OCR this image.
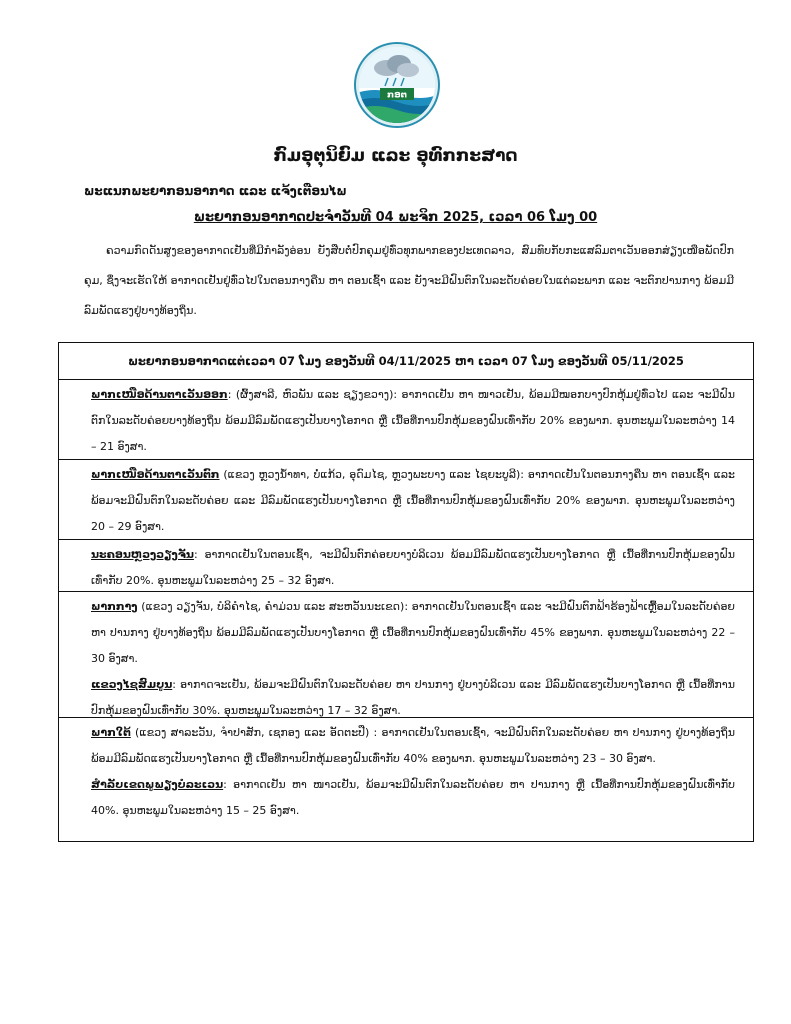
ກອຕ
ກົມອຸຕຸນິຍົມ ແລະ ອຸທົກກະສາດ
ພະແນກພະຍາກອນອາກາດ ແລະ ແຈ້ງເຕືອນໄພ
ພະຍາກອນອາກາດປະຈໍາວັນທີ 04 ພະຈິກ 2025, ເວລາ 06 ໂມງ 00
ຄວາມກົດດັນສູງຂອງອາກາດເຢັນທີ່ມີກໍາລັງອ່ອນ ຍັງສືບຕໍ່ປົກຄຸມຢູ່ທົ່ວທຸກພາກຂອງປະເທດລາວ, ສົມທົບກັບກະແສລົມຕາເວັນອອກສ່ຽງເໜືອພັດປົກຄຸມ, ຊຶ່ງຈະເຮັດໃຫ້ ອາກາດເຢັນຢູ່ທົ່ວໄປໃນຕອນກາງຄືນ ຫາ ຕອນເຊົ້າ ແລະ ຍັງຈະມີຝົນຕົກໃນລະດັບຄ່ອຍໃນແຕ່ລະພາກ ແລະ ຈະຕົກປານກາງ ພ້ອມມີລົມພັດແຮງຢູ່ບາງທ້ອງຖິ່ນ.
ພະຍາກອນອາກາດແຕ່ເວລາ 07 ໂມງ ຂອງວັນທີ 04/11/2025 ຫາ ເວລາ 07 ໂມງ ຂອງວັນທີ 05/11/2025
ພາກເໜືອດ້ານຕາເວັນອອກ: (ຜົ້ງສາລີ, ຫົວພັນ ແລະ ຊຽງຂວາງ): ອາກາດເຢັນ ຫາ ໜາວເຢັນ, ພ້ອມມີໝອກບາງປົກຫຸ້ມຢູ່ທົ່ວໄປ ແລະ ຈະມີຝົນຕົກໃນລະດັບຄ່ອຍບາງທ້ອງຖິ່ນ ພ້ອມມີລົມພັດແຮງເປັນບາງໂອກາດ ຫຼື ເນື້ອທີ່ການປົກຫຸ້ມຂອງຝົນເທົ່າກັບ 20% ຂອງພາກ. ອຸນຫະພູມໃນລະຫວ່າງ 14 – 21 ອົງສາ.
ພາກເໜືອດ້ານຕາເວັນຕົກ (ແຂວງ ຫຼວງນໍ້າທາ, ບໍ່ແກ້ວ, ອຸດົມໄຊ, ຫຼວງພະບາງ ແລະ ໄຊຍະບູລີ): ອາກາດເຢັນໃນຕອນກາງຄືນ ຫາ ຕອນເຊົ້າ ແລະ ພ້ອມຈະມີຝົນຕົກໃນລະດັບຄ່ອຍ ແລະ ມີລົມພັດແຮງເປັນບາງໂອກາດ ຫຼື ເນື້ອທີ່ການປົກຫຸ້ມຂອງຝົນເທົ່າກັບ 20% ຂອງພາກ. ອຸນຫະພູມໃນລະຫວ່າງ 20 – 29 ອົງສາ.
ນະຄອນຫຼວງວຽງຈັນ: ອາກາດເຢັນໃນຕອນເຊົ້າ, ຈະມີຝົນຕົກຄ່ອຍບາງບໍລິເວນ ພ້ອມມີລົມພັດແຮງເປັນບາງໂອກາດ ຫຼື ເນື້ອທີ່ການປົກຫຸ້ມຂອງຝົນເທົ່າກັບ 20%. ອຸນຫະພູມໃນລະຫວ່າງ 25 – 32 ອົງສາ.
ພາກກາງ (ແຂວງ ວຽງຈັນ, ບໍລິຄໍາໄຊ, ຄໍາມ່ວນ ແລະ ສະຫວັນນະເຂດ): ອາກາດເຢັນໃນຕອນເຊົ້າ ແລະ ຈະມີຝົນຕົກຟ້າຮ້ອງຟ້າເຫຼື້ອມໃນລະດັບຄ່ອຍ ຫາ ປານກາງ ຢູ່ບາງທ້ອງຖິ່ນ ພ້ອມມີລົມພັດແຮງເປັນບາງໂອກາດ ຫຼື ເນື້ອທີ່ການປົກຫຸ້ມຂອງຝົນເທົ່າກັບ 45% ຂອງພາກ. ອຸນຫະພູມໃນລະຫວ່າງ 22 – 30 ອົງສາ.
ແຂວງໄຊສົມບູນ: ອາກາດຈະເຢັນ, ພ້ອມຈະມີຝົນຕົກໃນລະດັບຄ່ອຍ ຫາ ປານກາງ ຢູ່ບາງບໍລິເວນ ແລະ ມີລົມພັດແຮງເປັນບາງໂອກາດ ຫຼື ເນື້ອທີ່ການປົກຫຸ້ມຂອງຝົນເທົ່າກັບ 30%. ອຸນຫະພູມໃນລະຫວ່າງ 17 – 32 ອົງສາ.
ພາກໃຕ້ (ແຂວງ ສາລະວັນ, ຈໍາປາສັກ, ເຊກອງ ແລະ ອັດຕະປື) : ອາກາດເຢັນໃນຕອນເຊົ້າ, ຈະມີຝົນຕົກໃນລະດັບຄ່ອຍ ຫາ ປານກາງ ຢູ່ບາງທ້ອງຖິ່ນ ພ້ອມມີລົມພັດແຮງເປັນບາງໂອກາດ ຫຼື ເນື້ອທີ່ການປົກຫຸ້ມຂອງຝົນເທົ່າກັບ 40% ຂອງພາກ. ອຸນຫະພູມໃນລະຫວ່າງ 23 – 30 ອົງສາ.
ສໍາລັບເຂດພູພຽງບໍລະເວນ: ອາກາດເຢັນ ຫາ ໜາວເຢັນ, ພ້ອມຈະມີຝົນຕົກໃນລະດັບຄ່ອຍ ຫາ ປານກາງ ຫຼື ເນື້ອທີ່ການປົກຫຸ້ມຂອງຝົນເທົ່າກັບ 40%. ອຸນຫະພູມໃນລະຫວ່າງ 15 – 25 ອົງສາ.
